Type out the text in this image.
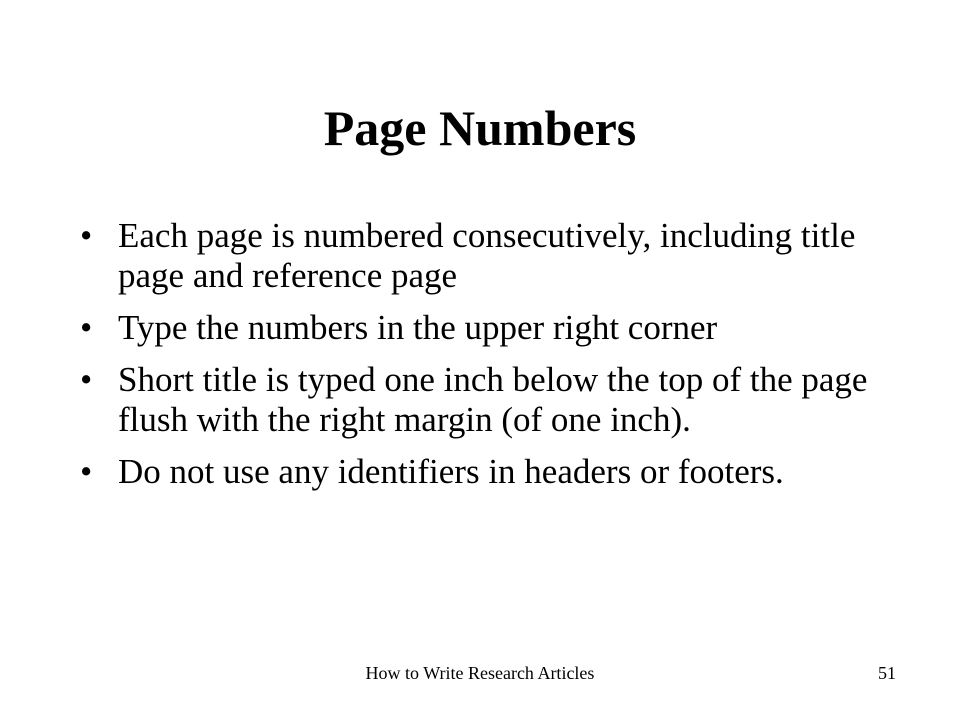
Page Numbers
• Each page is numbered consecutively, including title page and reference page
• Type the numbers in the upper right corner
• Short title is typed one inch below the top of the page flush with the right margin (of one inch).
• Do not use any identifiers in headers or footers.
How to Write Research Articles	51
